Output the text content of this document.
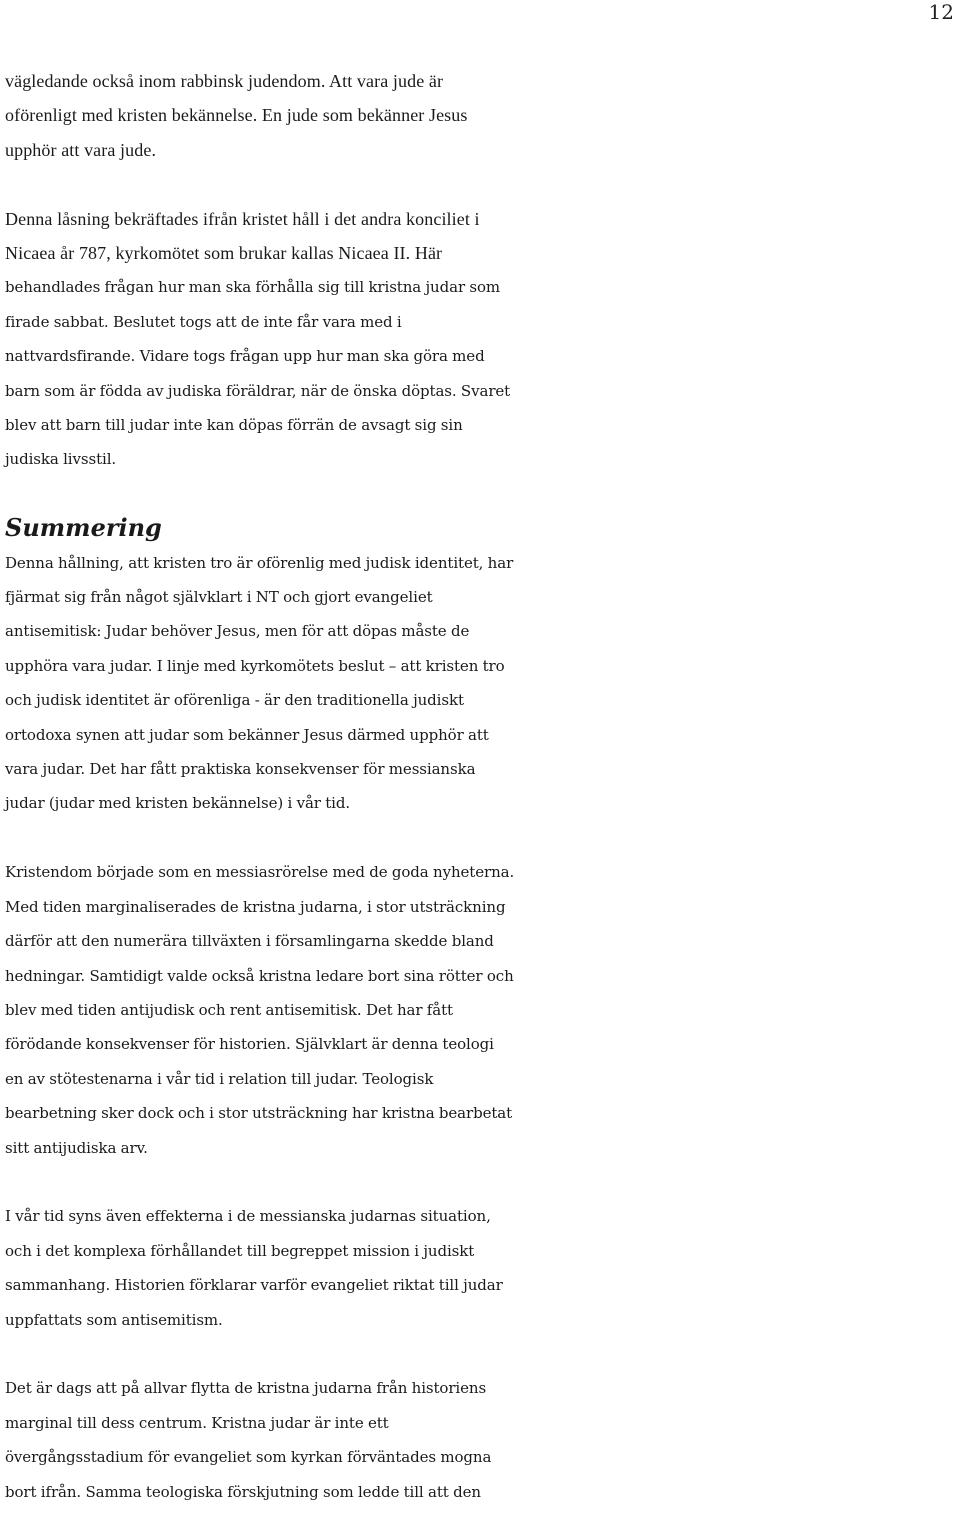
12

vägledande också inom rabbinsk judendom. Att vara jude är
oförenligt med kristen bekännelse. En jude som bekänner Jesus
upphör att vara jude.

Denna låsning bekräftades ifrån kristet håll i det andra konciliet i
Nicaea år 787, kyrkomötet som brukar kallas Nicaea II. Här
behandlades frågan hur man ska förhålla sig till kristna judar som
firade sabbat. Beslutet togs att de inte får vara med i
nattvardsfirande. Vidare togs frågan upp hur man ska göra med
barn som är födda av judiska föräldrar, när de önska döptas. Svaret
blev att barn till judar inte kan döpas förrän de avsagt sig sin
judiska livsstil.

Summering

Denna hållning, att kristen tro är oförenlig med judisk identitet, har
fjärmat sig från något självklart i NT och gjort evangeliet
antisemitisk: Judar behöver Jesus, men för att döpas måste de
upphöra vara judar. I linje med kyrkomötets beslut – att kristen tro
och judisk identitet är oförenliga - är den traditionella judiskt
ortodoxa synen att judar som bekänner Jesus därmed upphör att
vara judar. Det har fått praktiska konsekvenser för messianska
judar (judar med kristen bekännelse) i vår tid.

Kristendom började som en messiasrörelse med de goda nyheterna.
Med tiden marginaliserades de kristna judarna, i stor utsträckning
därför att den numerära tillväxten i församlingarna skedde bland
hedningar. Samtidigt valde också kristna ledare bort sina rötter och
blev med tiden antijudisk och rent antisemitisk. Det har fått
förödande konsekvenser för historien. Självklart är denna teologi
en av stötestenarna i vår tid i relation till judar. Teologisk
bearbetning sker dock och i stor utsträckning har kristna bearbetat
sitt antijudiska arv.

I vår tid syns även effekterna i de messianska judarnas situation,
och i det komplexa förhållandet till begreppet mission i judiskt
sammanhang. Historien förklarar varför evangeliet riktat till judar
uppfattats som antisemitism.

Det är dags att på allvar flytta de kristna judarna från historiens
marginal till dess centrum. Kristna judar är inte ett
övergångsstadium för evangeliet som kyrkan förväntades mogna
bort ifrån. Samma teologiska förskjutning som ledde till att den
